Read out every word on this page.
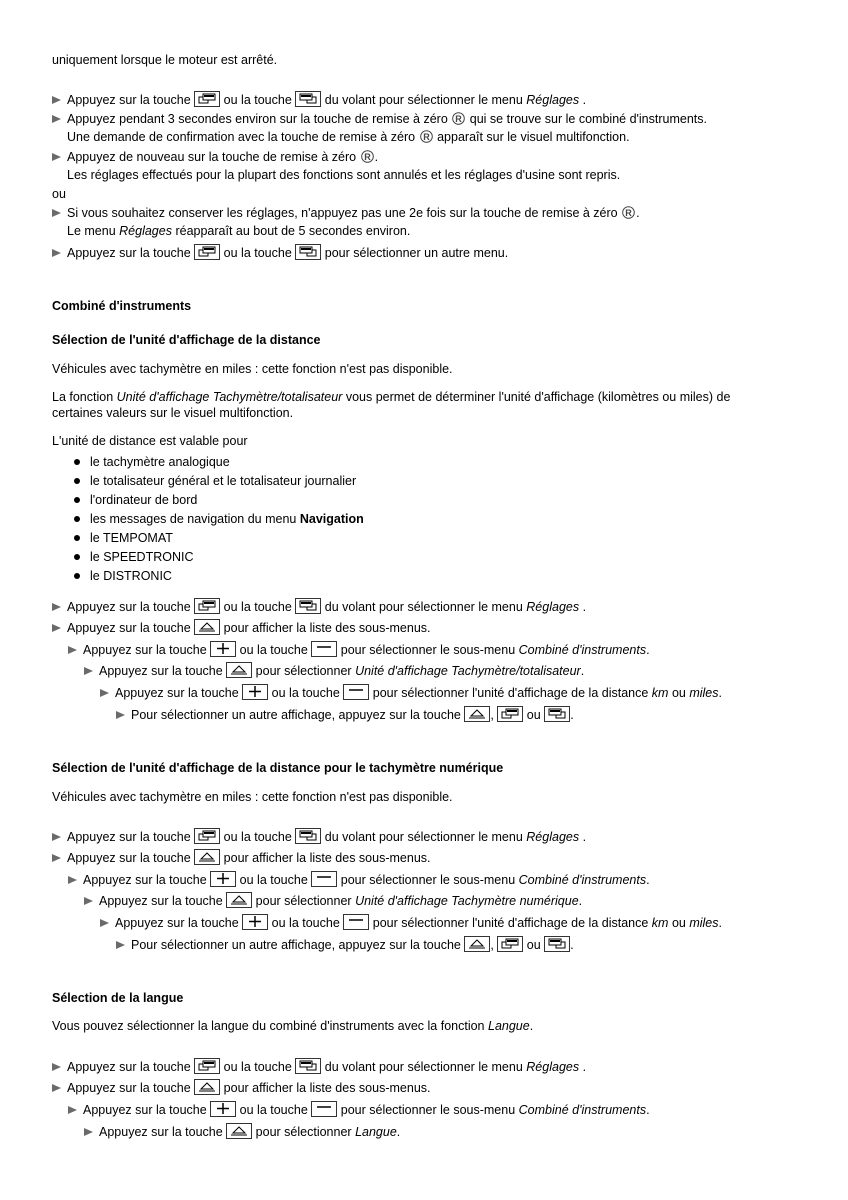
uniquement lorsque le moteur est arrêté.
Appuyez sur la touche	ou la touche	du volant pour sélectionner le menu Réglages .
Appuyez pendant 3 secondes environ sur la touche de remise à zéro R qui se trouve sur le combiné d'instruments.
Une demande de confirmation avec la touche de remise à zéro R apparaît sur le visuel multifonction.
Appuyez de nouveau sur la touche de remise à zéro R .
Les réglages effectués pour la plupart des fonctions sont annulés et les réglages d'usine sont repris.
ou
Si vous souhaitez conserver les réglages, n'appuyez pas une 2e fois sur la touche de remise à zéro R .
Le menu Réglages réapparaît au bout de 5 secondes environ.
Appuyez sur la touche	ou la touche	pour sélectionner un autre menu.
Combiné d'instruments
Sélection de l'unité d'affichage de la distance
Véhicules avec tachymètre en miles : cette fonction n'est pas disponible.
La fonction Unité d'affichage Tachymètre/totalisateur vous permet de déterminer l'unité d'affichage (kilomètres ou miles) de
certaines valeurs sur le visuel multifonction.
L'unité de distance est valable pour
le tachymètre analogique
le totalisateur général et le totalisateur journalier
l'ordinateur de bord
les messages de navigation du menu Navigation
le TEMPOMAT
le SPEEDTRONIC
le DISTRONIC
Appuyez sur la touche	ou la touche	du volant pour sélectionner le menu Réglages .
Appuyez sur la touche	pour afficher la liste des sous-menus.
Appuyez sur la touche	ou la touche	pour sélectionner le sous-menu Combiné d'instruments.
Appuyez sur la touche	pour sélectionner Unité d'affichage Tachymètre/totalisateur.
Appuyez sur la touche	ou la touche	pour sélectionner l'unité d'affichage de la distance km ou miles.
Pour sélectionner un autre affichage, appuyez sur la touche ,	ou .
Sélection de l'unité d'affichage de la distance pour le tachymètre numérique
Véhicules avec tachymètre en miles : cette fonction n'est pas disponible.
Appuyez sur la touche	ou la touche	du volant pour sélectionner le menu Réglages .
Appuyez sur la touche	pour afficher la liste des sous-menus.
Appuyez sur la touche	ou la touche	pour sélectionner le sous-menu Combiné d'instruments.
Appuyez sur la touche	pour sélectionner Unité d'affichage Tachymètre numérique.
Appuyez sur la touche	ou la touche	pour sélectionner l'unité d'affichage de la distance km ou miles.
Pour sélectionner un autre affichage, appuyez sur la touche ,	ou .
Sélection de la langue
Vous pouvez sélectionner la langue du combiné d'instruments avec la fonction Langue.
Appuyez sur la touche	ou la touche	du volant pour sélectionner le menu Réglages .
Appuyez sur la touche	pour afficher la liste des sous-menus.
Appuyez sur la touche	ou la touche	pour sélectionner le sous-menu Combiné d'instruments.
Appuyez sur la touche	pour sélectionner Langue.
